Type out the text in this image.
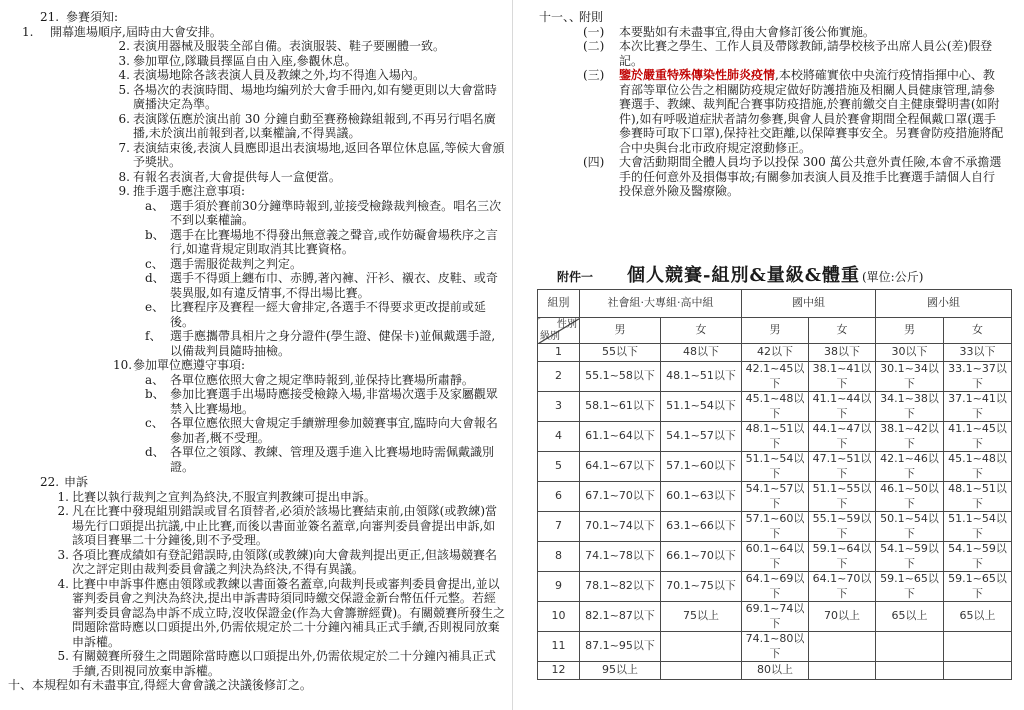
21. 參賽須知:
1.	開幕進場順序,屆時由大會安排。
2. 表演用器械及服裝全部自備。表演服裝、鞋子要團體一致。
3. 參加單位,隊職員擇區自由入座,參觀休息。
4. 表演場地除各該表演人員及教練之外,均不得進入場內。
5. 各場次的表演時間、場地均編列於大會手冊內,如有變更則以大會當時廣播決定為準。
6. 表演隊伍應於演出前 30 分鐘自動至賽務檢錄組報到,不再另行唱名廣播,未於演出前報到者,以棄權論,不得異議。
7. 表演結束後,表演人員應即退出表演場地,返回各單位休息區,等候大會頒予獎狀。
8. 有報名表演者,大會提供每人一盒便當。
9. 推手選手應注意事項:
a、 選手須於賽前30分鐘準時報到,並接受檢錄裁判檢查。唱名三次不到以棄權論。
b、 選手在比賽場地不得發出無意義之聲音,或作妨礙會場秩序之言行,如違背規定則取消其比賽資格。
c、 選手需服從裁判之判定。
d、 選手不得頭上纏布巾、赤膊,著內褲、汗衫、襯衣、皮鞋、或奇裝異服,如有違反情事,不得出場比賽。
e、 比賽程序及賽程一經大會排定,各選手不得要求更改提前或延後。
f、 選手應攜帶具相片之身分證件(學生證、健保卡)並佩戴選手證,以備裁判員隨時抽檢。
10. 參加單位應遵守事項:
a、 各單位應依照大會之規定準時報到,並保持比賽場所肅靜。
b、 參加比賽選手出場時應接受檢錄入場,非當場次選手及家屬觀眾禁入比賽場地。
c、 各單位應依照大會規定手續辦理參加競賽事宜,臨時向大會報名參加者,概不受理。
d、 各單位之領隊、教練、管理及選手進入比賽場地時需佩戴識別證。
22. 申訴
1. 比賽以執行裁判之宣判為終決,不服宣判教練可提出申訴。
2. 凡在比賽中發現組別錯誤或冒名頂替者,必須於該場比賽結束前,由領隊(或教練)當場先行口頭提出抗議,中止比賽,而後以書面並簽名蓋章,向審判委員會提出申訴,如該項目賽畢二十分鐘後,則不予受理。
3. 各項比賽成績如有登記錯誤時,由領隊(或教練)向大會裁判提出更正,但該場競賽名次之評定則由裁判委員會議之判決為終決,不得有異議。
4. 比賽中申訴事件應由領隊或教練以書面簽名蓋章,向裁判長或審判委員會提出,並以審判委員會之判決為終決,提出申訴書時須同時繳交保證金新台幣伍仟元整。若經審判委員會認為申訴不成立時,沒收保證金(作為大會籌辦經費)。有關競賽所發生之問題除當時應以口頭提出外,仍需依規定於二十分鐘內補具正式手續,否則視同放棄申訴權。
5. 有關競賽所發生之問題除當時應以口頭提出外,仍需依規定於二十分鐘內補具正式手續,否則視同放棄申訴權。
十、本規程如有未盡事宜,得經大會會議之決議後修訂之。
十一、、
附則
(一)	本要點如有未盡事宜,得由大會修訂後公佈實施。
(二)	本次比賽之學生、工作人員及帶隊教師,請學校核予出席人員公(差)假登記。
(三)	鑒於嚴重特殊傳染性肺炎疫情,本校將確實依中央流行疫情指揮中心、教育部等單位公告之相關防疫規定做好防護措施及相關人員健康管理,請參賽選手、教練、裁判配合賽事防疫措施,於賽前繳交自主健康聲明書(如附件),如有呼吸道症狀者請勿參賽,與會人員於賽會期間全程佩戴口罩(選手參賽時可取下口罩),保持社交距離,以保障賽事安全。另賽會防疫措施將配合中央與台北市政府規定滾動修正。
(四)	大會活動期間全體人員均予以投保 300 萬公共意外責任險,本會不承擔選手的任何意外及損傷事故;有關參加表演人員及推手比賽選手請個人自行投保意外險及醫療險。
附件一 個人競賽-組別&量級&體重 (單位:公斤)
組別	社會組‧大專組‧高中組		國中組		國小組	

性別
級別	男	女	男	女	男	女
1	55以下	48以下	42以下	38以下	30以下	33以下
2	55.1~58以下	48.1~51以下	42.1~45以下	38.1~41以下	30.1~34以下	33.1~37以下
3	58.1~61以下	51.1~54以下	45.1~48以下	41.1~44以下	34.1~38以下	37.1~41以下
4	61.1~64以下	54.1~57以下	48.1~51以下	44.1~47以下	38.1~42以下	41.1~45以下
5	64.1~67以下	57.1~60以下	51.1~54以下	47.1~51以下	42.1~46以下	45.1~48以下
6	67.1~70以下	60.1~63以下	54.1~57以下	51.1~55以下	46.1~50以下	48.1~51以下
7	70.1~74以下	63.1~66以下	57.1~60以下	55.1~59以下	50.1~54以下	51.1~54以下
8	74.1~78以下	66.1~70以下	60.1~64以下	59.1~64以下	54.1~59以下	54.1~59以下
9	78.1~82以下	70.1~75以下	64.1~69以下	64.1~70以下	59.1~65以下	59.1~65以下
10	82.1~87以下	75以上	69.1~74以下	70以上	65以上	65以上
11	87.1~95以下		74.1~80以下			
12	95以上		80以上			
